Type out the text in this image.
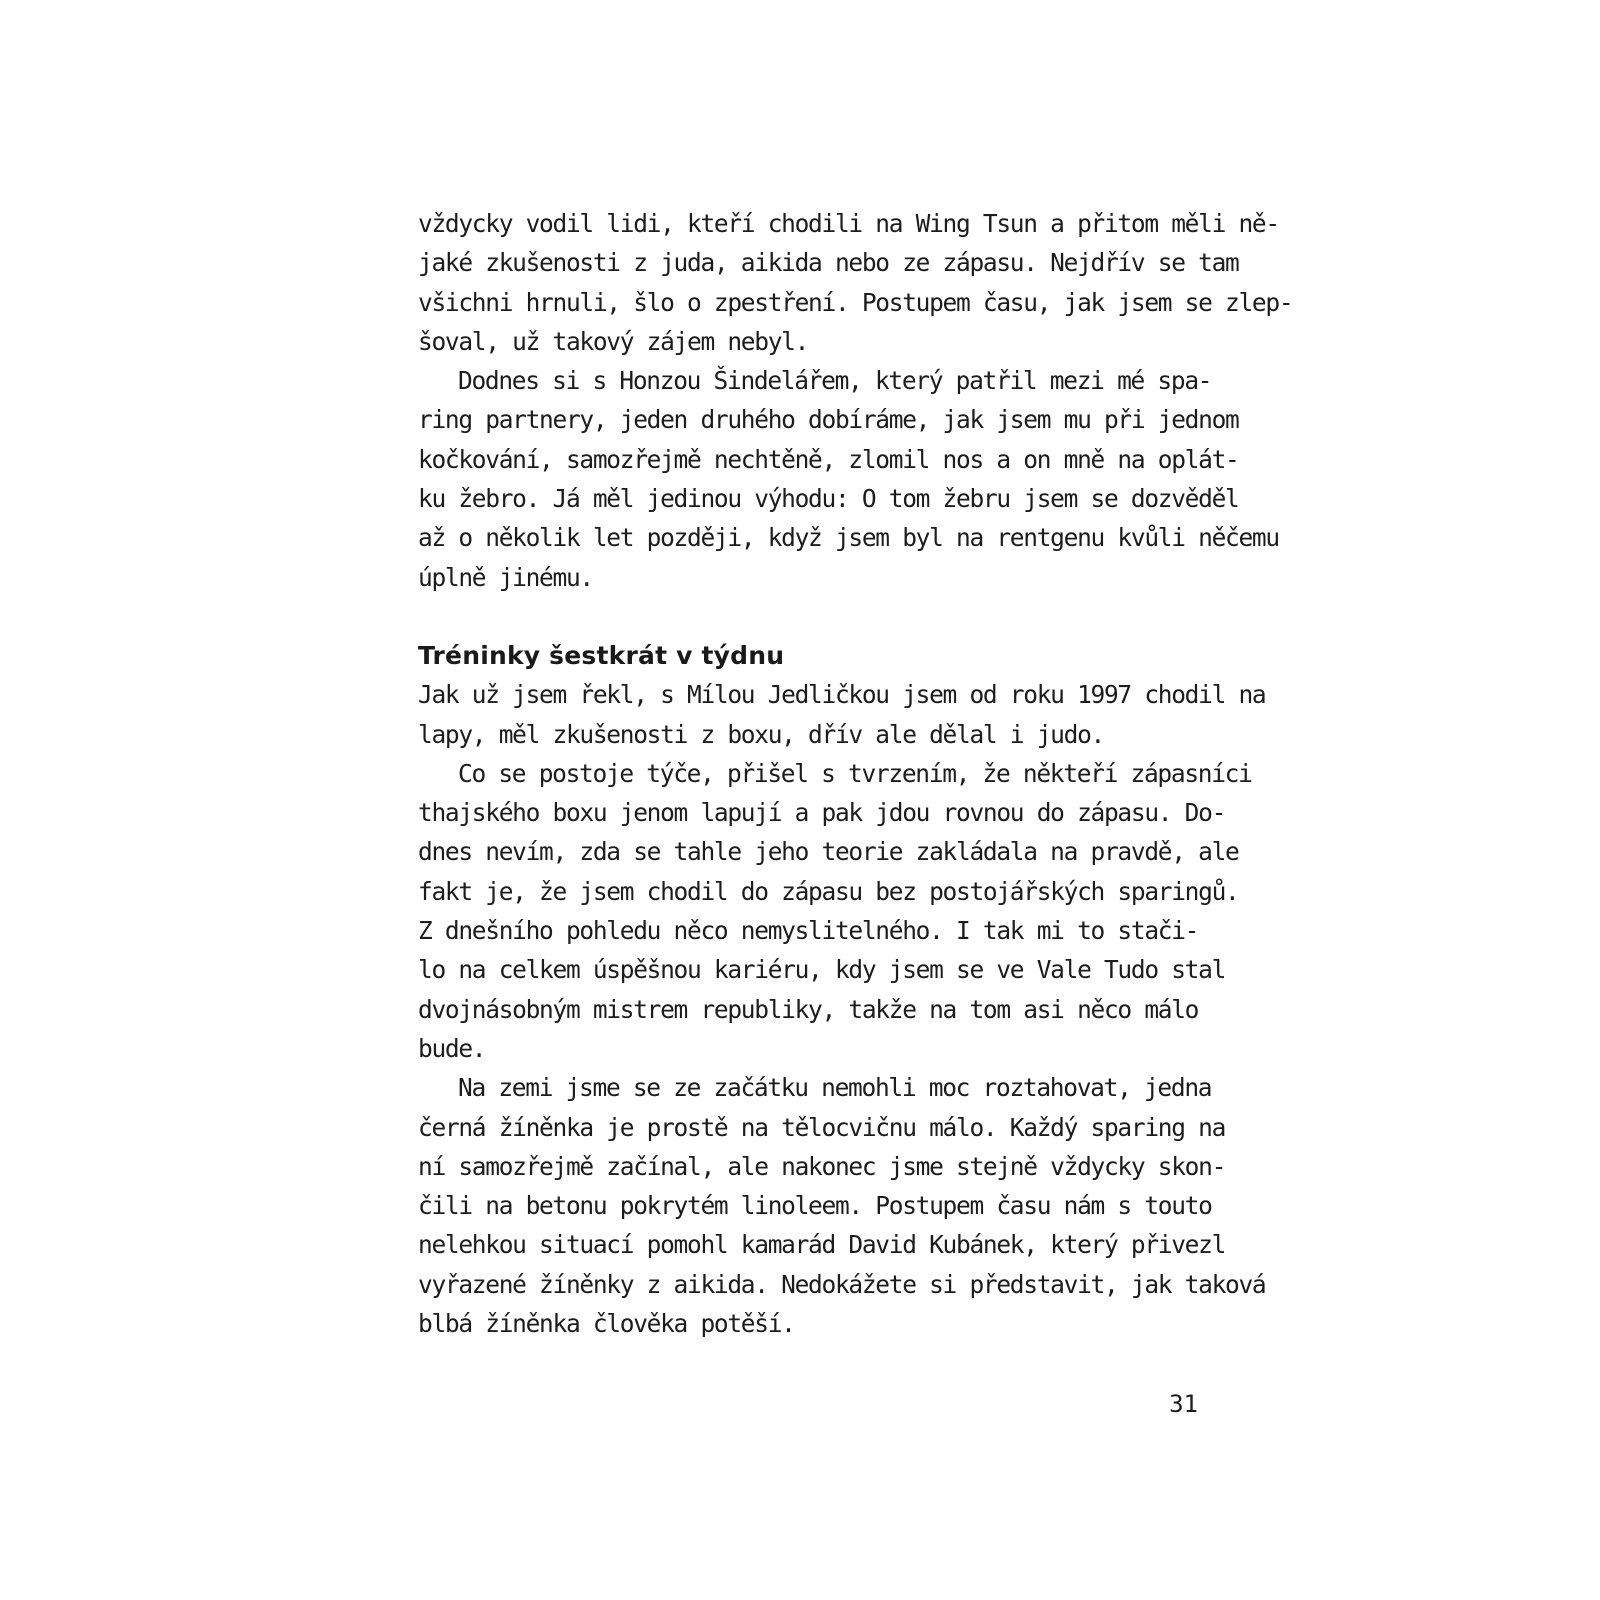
vždycky vodil lidi, kteří chodili na Wing Tsun a přitom měli ně-
jaké zkušenosti z juda, aikida nebo ze zápasu. Nejdřív se tam
všichni hrnuli, šlo o zpestření. Postupem času, jak jsem se zlep-
šoval, už takový zájem nebyl.
Dodnes si s Honzou Šindelářem, který patřil mezi mé spa-
ring partnery, jeden druhého dobíráme, jak jsem mu při jednom
kočkování, samozřejmě nechtěně, zlomil nos a on mně na oplát-
ku žebro. Já měl jedinou výhodu: O tom žebru jsem se dozvěděl
až o několik let později, když jsem byl na rentgenu kvůli něčemu
úplně jinému.
Tréninky šestkrát v týdnu
Jak už jsem řekl, s Mílou Jedličkou jsem od roku 1997 chodil na
lapy, měl zkušenosti z boxu, dřív ale dělal i judo.
Co se postoje týče, přišel s tvrzením, že někteří zápasníci
thajského boxu jenom lapují a pak jdou rovnou do zápasu. Do-
dnes nevím, zda se tahle jeho teorie zakládala na pravdě, ale
fakt je, že jsem chodil do zápasu bez postojářských sparingů.
Z dnešního pohledu něco nemyslitelného. I tak mi to stači-
lo na celkem úspěšnou kariéru, kdy jsem se ve Vale Tudo stal
dvojnásobným mistrem republiky, takže na tom asi něco málo
bude.
Na zemi jsme se ze začátku nemohli moc roztahovat, jedna
černá žíněnka je prostě na tělocvičnu málo. Každý sparing na
ní samozřejmě začínal, ale nakonec jsme stejně vždycky skon-
čili na betonu pokrytém linoleem. Postupem času nám s touto
nelehkou situací pomohl kamarád David Kubánek, který přivezl
vyřazené žíněnky z aikida. Nedokážete si představit, jak taková
blbá žíněnka člověka potěší.
31
